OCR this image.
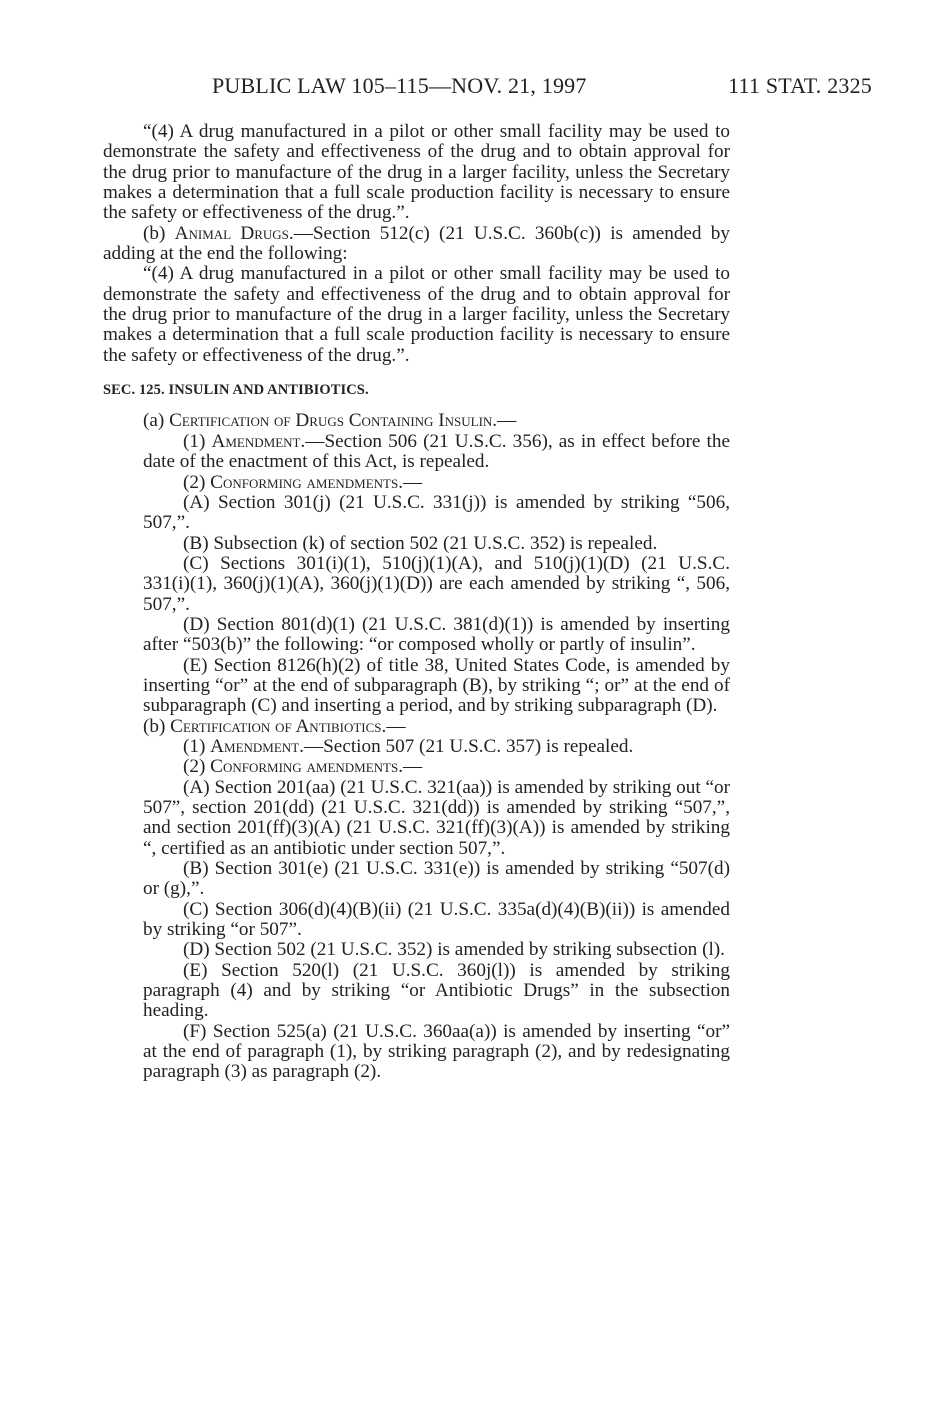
PUBLIC LAW 105–115—NOV. 21, 1997	111 STAT. 2325
“(4) A drug manufactured in a pilot or other small facility may be used to demonstrate the safety and effectiveness of the drug and to obtain approval for the drug prior to manufacture of the drug in a larger facility, unless the Secretary makes a determination that a full scale production facility is necessary to ensure the safety or effectiveness of the drug.”.
(b) Animal Drugs.—Section 512(c) (21 U.S.C. 360b(c)) is amended by adding at the end the following:
“(4) A drug manufactured in a pilot or other small facility may be used to demonstrate the safety and effectiveness of the drug and to obtain approval for the drug prior to manufacture of the drug in a larger facility, unless the Secretary makes a determination that a full scale production facility is necessary to ensure the safety or effectiveness of the drug.”.
SEC. 125. INSULIN AND ANTIBIOTICS.
(a) Certification of Drugs Containing Insulin.—
(1) Amendment.—Section 506 (21 U.S.C. 356), as in effect before the date of the enactment of this Act, is repealed.
(2) Conforming amendments.—
(A) Section 301(j) (21 U.S.C. 331(j)) is amended by striking “506, 507,”.
(B) Subsection (k) of section 502 (21 U.S.C. 352) is repealed.
(C) Sections 301(i)(1), 510(j)(1)(A), and 510(j)(1)(D) (21 U.S.C. 331(i)(1), 360(j)(1)(A), 360(j)(1)(D)) are each amended by striking “, 506, 507,”.
(D) Section 801(d)(1) (21 U.S.C. 381(d)(1)) is amended by inserting after “503(b)” the following: “or composed wholly or partly of insulin”.
(E) Section 8126(h)(2) of title 38, United States Code, is amended by inserting “or” at the end of subparagraph (B), by striking “; or” at the end of subparagraph (C) and inserting a period, and by striking subparagraph (D).
(b) Certification of Antibiotics.—
(1) Amendment.—Section 507 (21 U.S.C. 357) is repealed.
(2) Conforming amendments.—
(A) Section 201(aa) (21 U.S.C. 321(aa)) is amended by striking out “or 507”, section 201(dd) (21 U.S.C. 321(dd)) is amended by striking “507,”, and section 201(ff)(3)(A) (21 U.S.C. 321(ff)(3)(A)) is amended by striking “, certified as an antibiotic under section 507,”.
(B) Section 301(e) (21 U.S.C. 331(e)) is amended by striking “507(d) or (g),”.
(C) Section 306(d)(4)(B)(ii) (21 U.S.C. 335a(d)(4)(B)(ii)) is amended by striking “or 507”.
(D) Section 502 (21 U.S.C. 352) is amended by striking subsection (l).
(E) Section 520(l) (21 U.S.C. 360j(l)) is amended by striking paragraph (4) and by striking “or Antibiotic Drugs” in the subsection heading.
(F) Section 525(a) (21 U.S.C. 360aa(a)) is amended by inserting “or” at the end of paragraph (1), by striking paragraph (2), and by redesignating paragraph (3) as paragraph (2).
